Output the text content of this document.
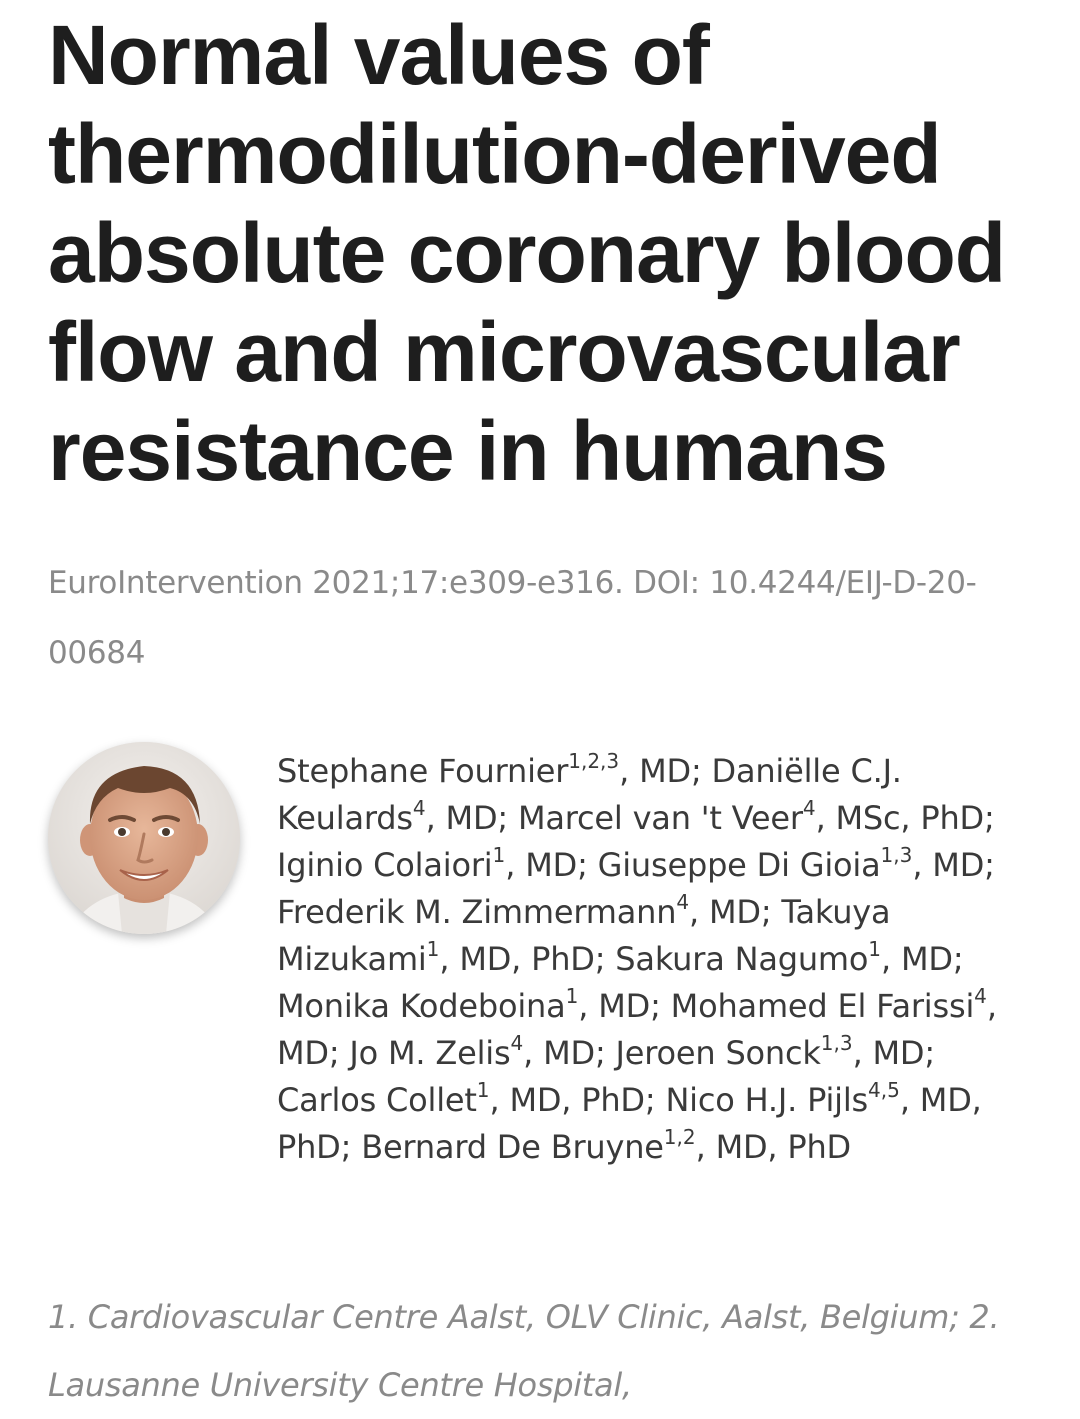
Normal values of thermodilution-derived absolute coronary blood flow and microvascular resistance in humans
EuroIntervention 2021;17:e309-e316. DOI: 10.4244/EIJ-D-20-00684
Stephane Fournier$^{1,2,3}$, MD; Daniëlle C.J. Keulards$^4$, MD; Marcel van 't Veer$^4$, MSc, PhD; Iginio Colaiori$^1$, MD; Giuseppe Di Gioia$^{1,3}$, MD; Frederik M. Zimmermann$^4$, MD; Takuya Mizukami$^1$, MD, PhD; Sakura Nagumo$^1$, MD; Monika Kodeboina$^1$, MD; Mohamed El Farissi$^4$, MD; Jo M. Zelis$^4$, MD; Jeroen Sonck$^{1,3}$, MD; Carlos Collet$^1$, MD, PhD; Nico H.J. Pijls$^{4,5}$, MD, PhD; Bernard De Bruyne$^{1,2}$, MD, PhD
1. Cardiovascular Centre Aalst, OLV Clinic, Aalst, Belgium; 2. Lausanne University Centre Hospital,
